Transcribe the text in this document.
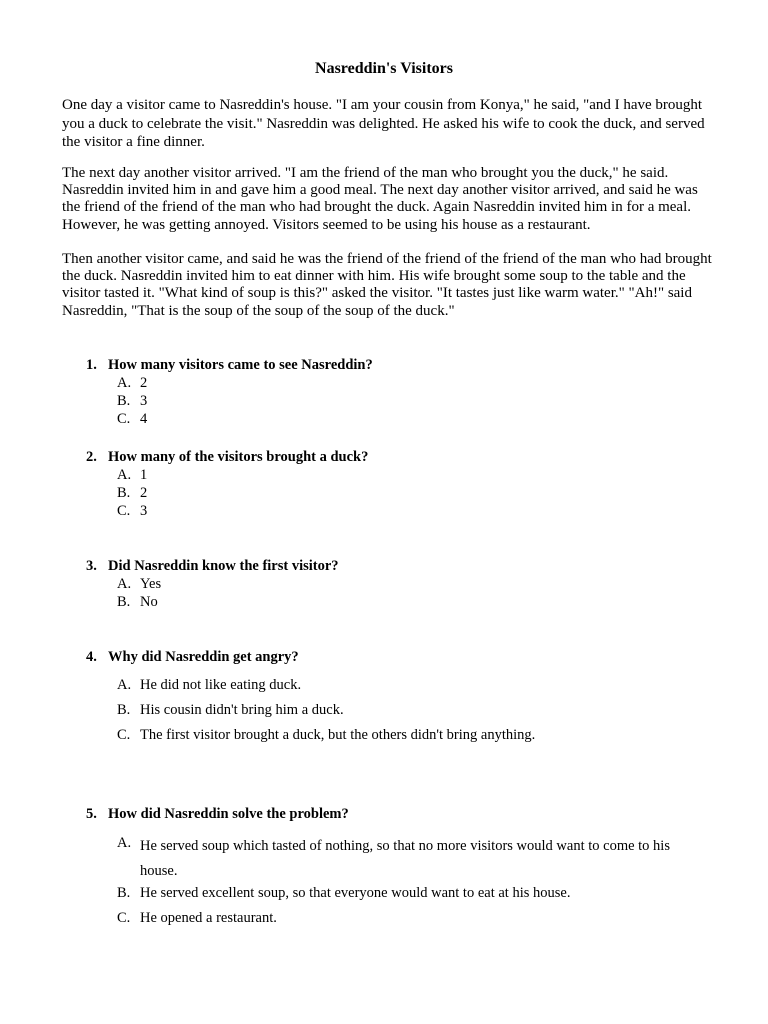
Nasreddin's Visitors

One day a visitor came to Nasreddin's house. "I am your cousin from Konya," he said, "and I have brought you a duck to celebrate the visit." Nasreddin was delighted. He asked his wife to cook the duck, and served the visitor a fine dinner.

The next day another visitor arrived. "I am the friend of the man who brought you the duck," he said. Nasreddin invited him in and gave him a good meal. The next day another visitor arrived, and said he was the friend of the friend of the man who had brought the duck. Again Nasreddin invited him in for a meal. However, he was getting annoyed. Visitors seemed to be using his house as a restaurant.

Then another visitor came, and said he was the friend of the friend of the friend of the man who had brought the duck. Nasreddin invited him to eat dinner with him. His wife brought some soup to the table and the visitor tasted it. "What kind of soup is this?" asked the visitor. "It tastes just like warm water." "Ah!" said Nasreddin, "That is the soup of the soup of the soup of the duck."

1. How many visitors came to see Nasreddin?
A. 2
B. 3
C. 4
2. How many of the visitors brought a duck?
A. 1
B. 2
C. 3
3. Did Nasreddin know the first visitor?
A. Yes
B. No
4. Why did Nasreddin get angry?
A. He did not like eating duck.
B. His cousin didn't bring him a duck.
C. The first visitor brought a duck, but the others didn't bring anything.
5. How did Nasreddin solve the problem?
A. He served soup which tasted of nothing, so that no more visitors would want to come to his house.
B. He served excellent soup, so that everyone would want to eat at his house.
C. He opened a restaurant.
